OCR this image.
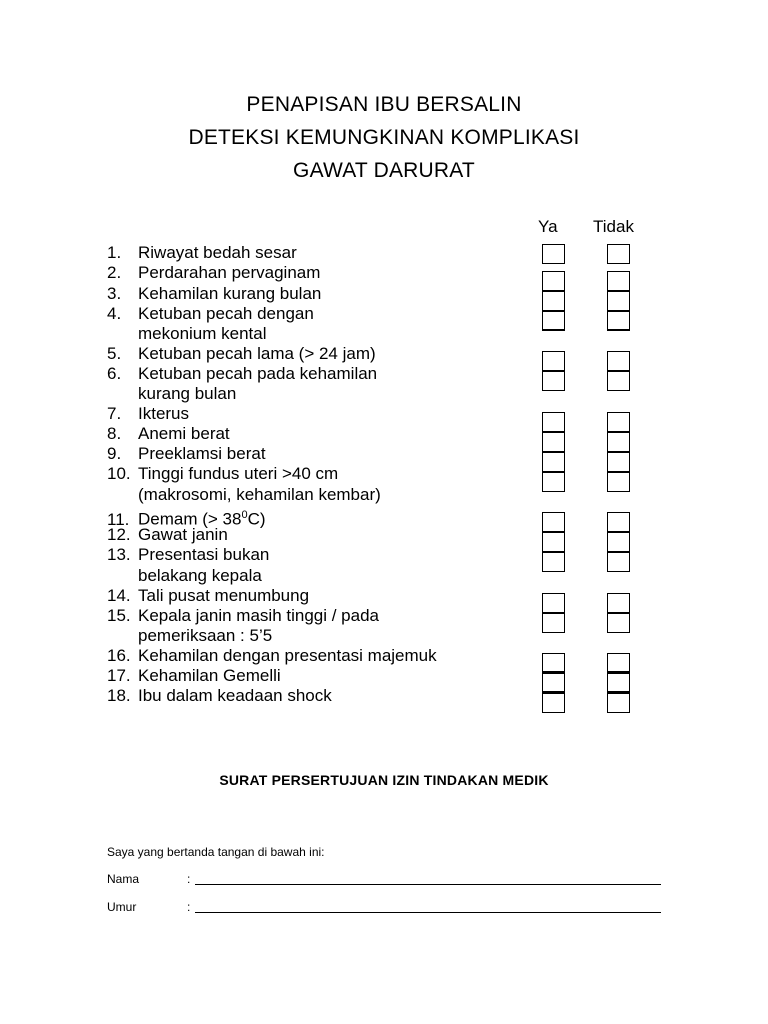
PENAPISAN IBU BERSALIN
DETEKSI KEMUNGKINAN KOMPLIKASI
GAWAT DARURAT
Ya Tidak
1. Riwayat bedah sesar
2. Perdarahan pervaginam
3. Kehamilan kurang bulan
4. Ketuban pecah dengan
mekonium kental
5. Ketuban pecah lama (> 24 jam)
6. Ketuban pecah pada kehamilan
kurang bulan
7. Ikterus
8. Anemi berat
9. Preeklamsi berat
10. Tinggi fundus uteri >40 cm
(makrosomi, kehamilan kembar)
11. Demam (> $38^0C$)
12. Gawat janin
13. Presentasi bukan
belakang kepala
14. Tali pusat menumbung
15. Kepala janin masih tinggi / pada
pemeriksaan : 5’5
16. Kehamilan dengan presentasi majemuk
17. Kehamilan Gemelli
18. Ibu dalam keadaan shock
SURAT PERSERTUJUAN IZIN TINDAKAN MEDIK
Saya yang bertanda tangan di bawah ini:
Nama	:
Umur	:
